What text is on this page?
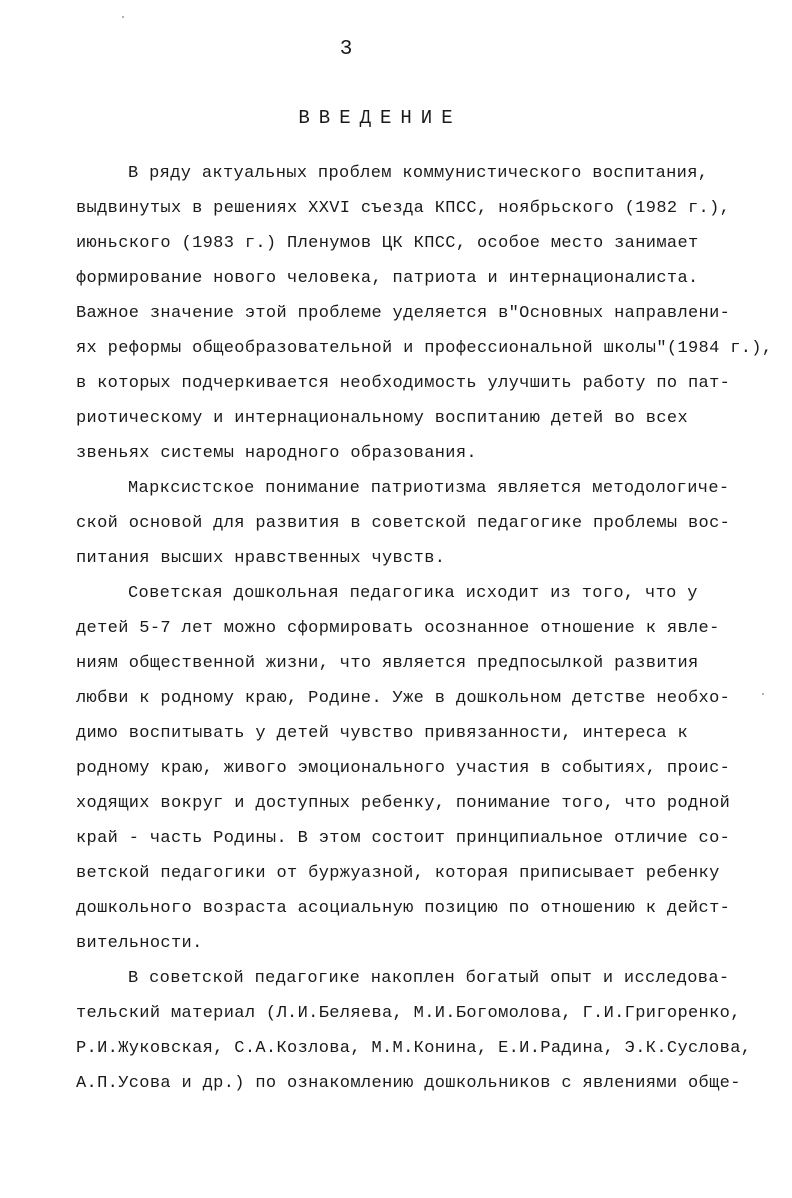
3
ВВЕДЕНИЕ
В ряду актуальных проблем коммунистического воспитания,
выдвинутых в решениях XXVI съезда КПСС, ноябрьского (1982 г.),
июньского (1983 г.) Пленумов ЦК КПСС, особое место занимает
формирование нового человека, патриота и интернационалиста.
Важное значение этой проблеме уделяется в"Основных направлени-
ях реформы общеобразовательной и профессиональной школы"(1984 г.),
в которых подчеркивается необходимость улучшить работу по пат-
риотическому и интернациональному воспитанию детей во всех
звеньях системы народного образования.
Марксистское понимание патриотизма является методологиче-
ской основой для развития в советской педагогике проблемы вос-
питания высших нравственных чувств.
Советская дошкольная педагогика исходит из того, что у
детей 5-7 лет можно сформировать осознанное отношение к явле-
ниям общественной жизни, что является предпосылкой развития
любви к родному краю, Родине. Уже в дошкольном детстве необхо-
димо воспитывать у детей чувство привязанности, интереса к
родному краю, живого эмоционального участия в событиях, проис-
ходящих вокруг и доступных ребенку, понимание того, что родной
край - часть Родины. В этом состоит принципиальное отличие со-
ветской педагогики от буржуазной, которая приписывает ребенку
дошкольного возраста асоциальную позицию по отношению к дейст-
вительности.
В советской педагогике накоплен богатый опыт и исследова-
тельский материал (Л.И.Беляева, М.И.Богомолова, Г.И.Григоренко,
Р.И.Жуковская, С.А.Козлова, М.М.Конина, Е.И.Радина, Э.К.Суслова,
А.П.Усова и др.) по ознакомлению дошкольников с явлениями обще-
